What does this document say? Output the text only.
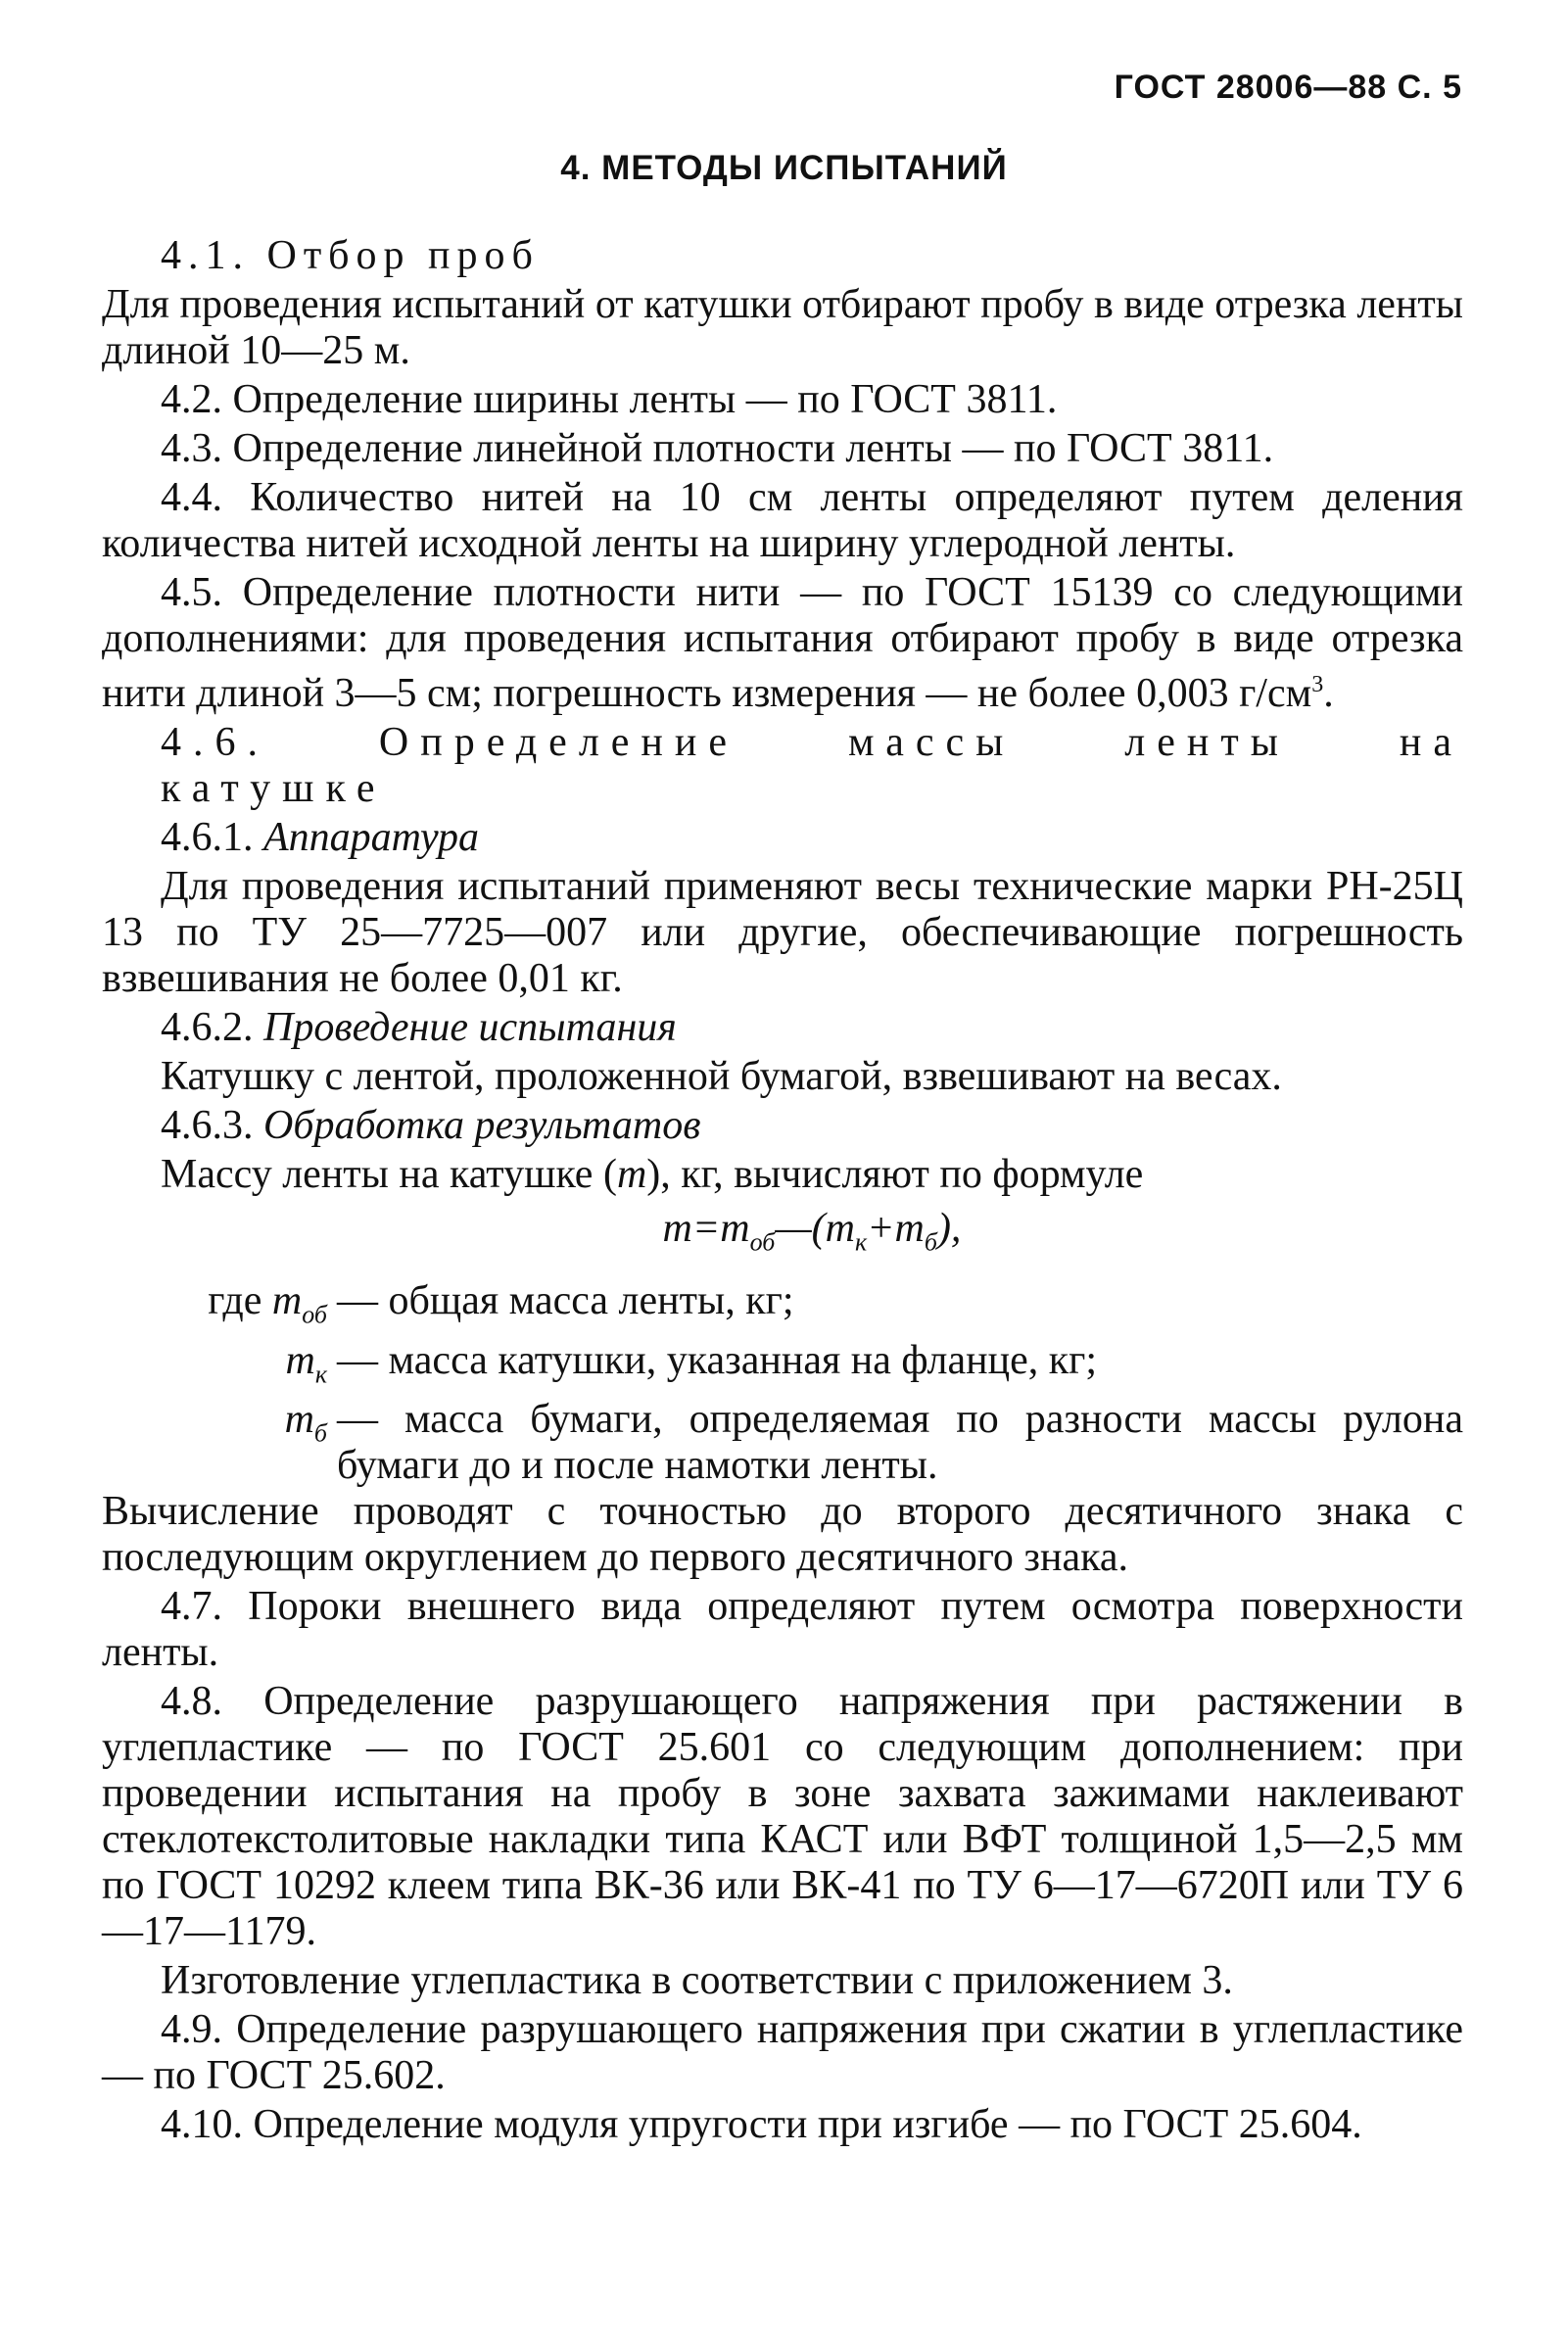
ГОСТ 28006—88 С. 5
4. МЕТОДЫ ИСПЫТАНИЙ

4.1. Отбор проб

Для проведения испытаний от катушки отбирают пробу в виде отрезка ленты длиной 10—25 м.

4.2. Определение ширины ленты — по ГОСТ 3811.

4.3. Определение линейной плотности ленты — по ГОСТ 3811.

4.4. Количество нитей на 10 см ленты определяют путем деления количества нитей исходной ленты на ширину углеродной ленты.

4.5. Определение плотности нити — по ГОСТ 15139 со следующими дополнениями: для проведения испытания отбирают пробу в виде отрезка нити длиной 3—5 см; погрешность измерения — не более 0,003 $г/см^3$.

4.6. Определение массы ленты на катушке

4.6.1. Аппаратура

Для проведения испытаний применяют весы технические марки РН-25Ц 13 по ТУ 25—7725—007 или другие, обеспечивающие погрешность взвешивания не более 0,01 кг.

4.6.2. Проведение испытания

Катушку с лентой, проложенной бумагой, взвешивают на весах.

4.6.3. Обработка результатов

Массу ленты на катушке (m), кг, вычисляют по формуле

$m=m_{об}—(m_к+m_б)$,
где $m_{об}$ — общая масса ленты, кг;
$m_к$ — масса катушки, указанная на фланце, кг;
$m_б$ — масса бумаги, определяемая по разности массы рулона бумаги до и после намотки ленты.

Вычисление проводят с точностью до второго десятичного знака с последующим округлением до первого десятичного знака.

4.7. Пороки внешнего вида определяют путем осмотра поверхности ленты.

4.8. Определение разрушающего напряжения при растяжении в углепластике — по ГОСТ 25.601 со следующим дополнением: при проведении испытания на пробу в зоне захвата зажимами наклеивают стеклотекстолитовые накладки типа КАСТ или ВФТ толщиной 1,5—2,5 мм по ГОСТ 10292 клеем типа ВК-36 или ВК-41 по ТУ 6—17—6720П или ТУ 6—17—1179.

Изготовление углепластика в соответствии с приложением 3.

4.9. Определение разрушающего напряжения при сжатии в углепластике — по ГОСТ 25.602.

4.10. Определение модуля упругости при изгибе — по ГОСТ 25.604.
